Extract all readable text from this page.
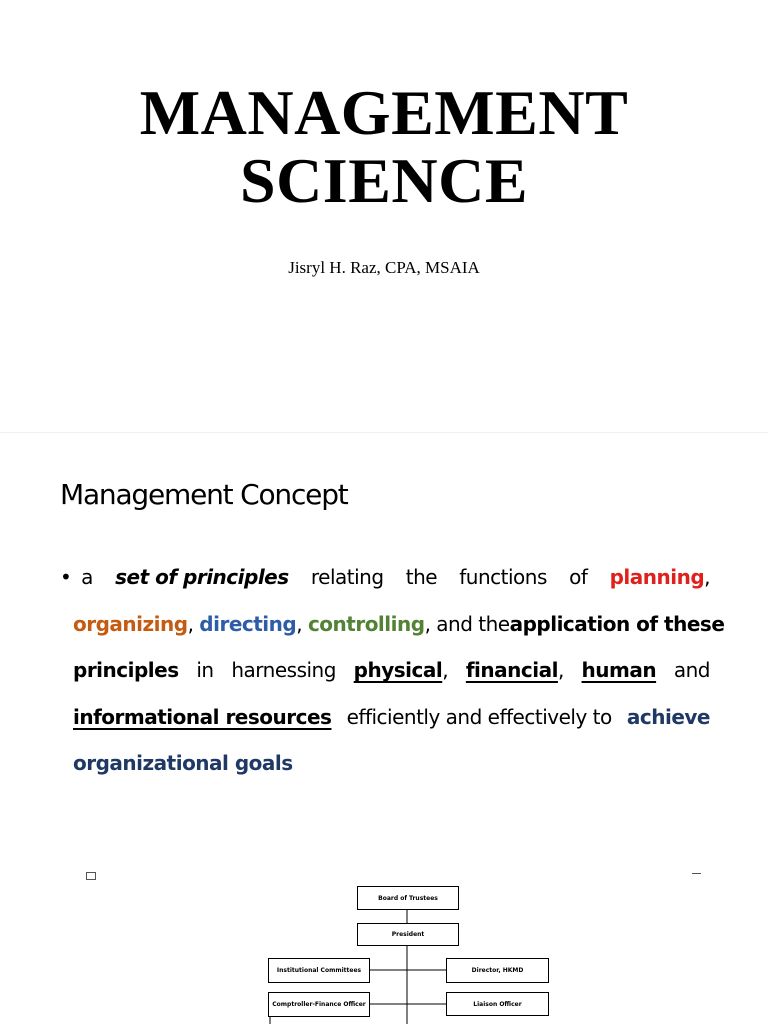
MANAGEMENT
SCIENCE
Jisryl H. Raz, CPA, MSAIA
Management Concept
• a set of principles relating the functions of planning,
organizing, directing, controlling, and the application of these
principles in harnessing physical, financial, human and
informational resources efficiently and effectively to achieve
organizational goals
Board of Trustees
President
Institutional Committees	Director, HKMD
Comptroller-Finance Officer	Liaison Officer
